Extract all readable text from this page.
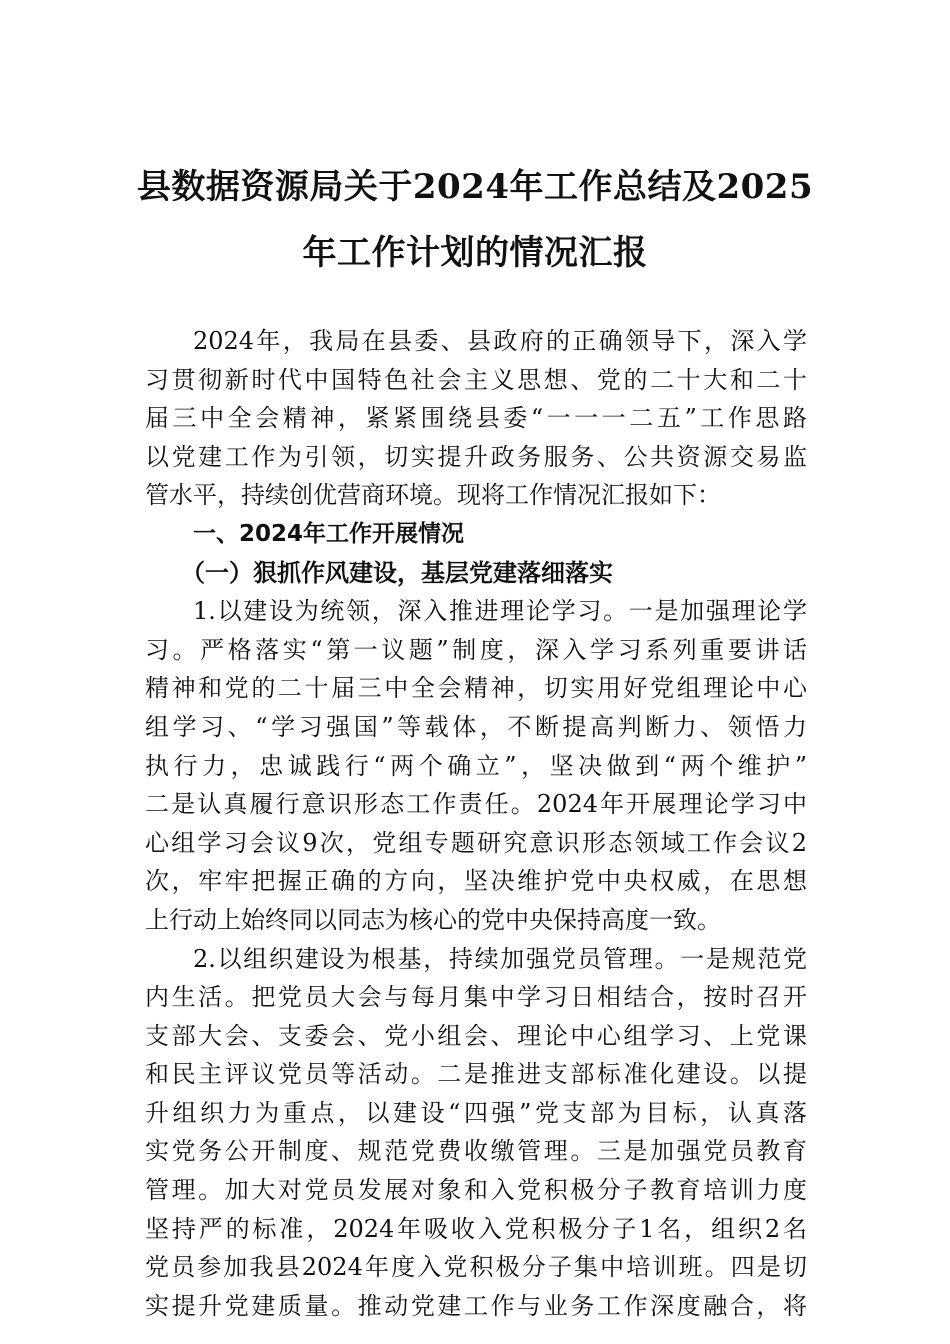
县数据资源局关于2024年工作总结及2025
年工作计划的情况汇报
2024年，我局在县委、县政府的正确领导下，深入学
习贯彻新时代中国特色社会主义思想、党的二十大和二十
届三中全会精神，紧紧围绕县委“一一一二五”工作思路
以党建工作为引领，切实提升政务服务、公共资源交易监
管水平，持续创优营商环境。现将工作情况汇报如下：
一、2024年工作开展情况
（一）狠抓作风建设，基层党建落细落实
1.以建设为统领，深入推进理论学习。一是加强理论学
习。严格落实“第一议题”制度，深入学习系列重要讲话
精神和党的二十届三中全会精神，切实用好党组理论中心
组学习、“学习强国”等载体，不断提高判断力、领悟力
执行力，忠诚践行“两个确立”，坚决做到“两个维护”
二是认真履行意识形态工作责任。2024年开展理论学习中
心组学习会议9次，党组专题研究意识形态领域工作会议2
次，牢牢把握正确的方向，坚决维护党中央权威，在思想
上行动上始终同以同志为核心的党中央保持高度一致。
2.以组织建设为根基，持续加强党员管理。一是规范党
内生活。把党员大会与每月集中学习日相结合，按时召开
支部大会、支委会、党小组会、理论中心组学习、上党课
和民主评议党员等活动。二是推进支部标准化建设。以提
升组织力为重点，以建设“四强”党支部为目标，认真落
实党务公开制度、规范党费收缴管理。三是加强党员教育
管理。加大对党员发展对象和入党积极分子教育培训力度
坚持严的标准，2024年吸收入党积极分子1名，组织2名
党员参加我县2024年度入党积极分子集中培训班。四是切
实提升党建质量。推动党建工作与业务工作深度融合，将
